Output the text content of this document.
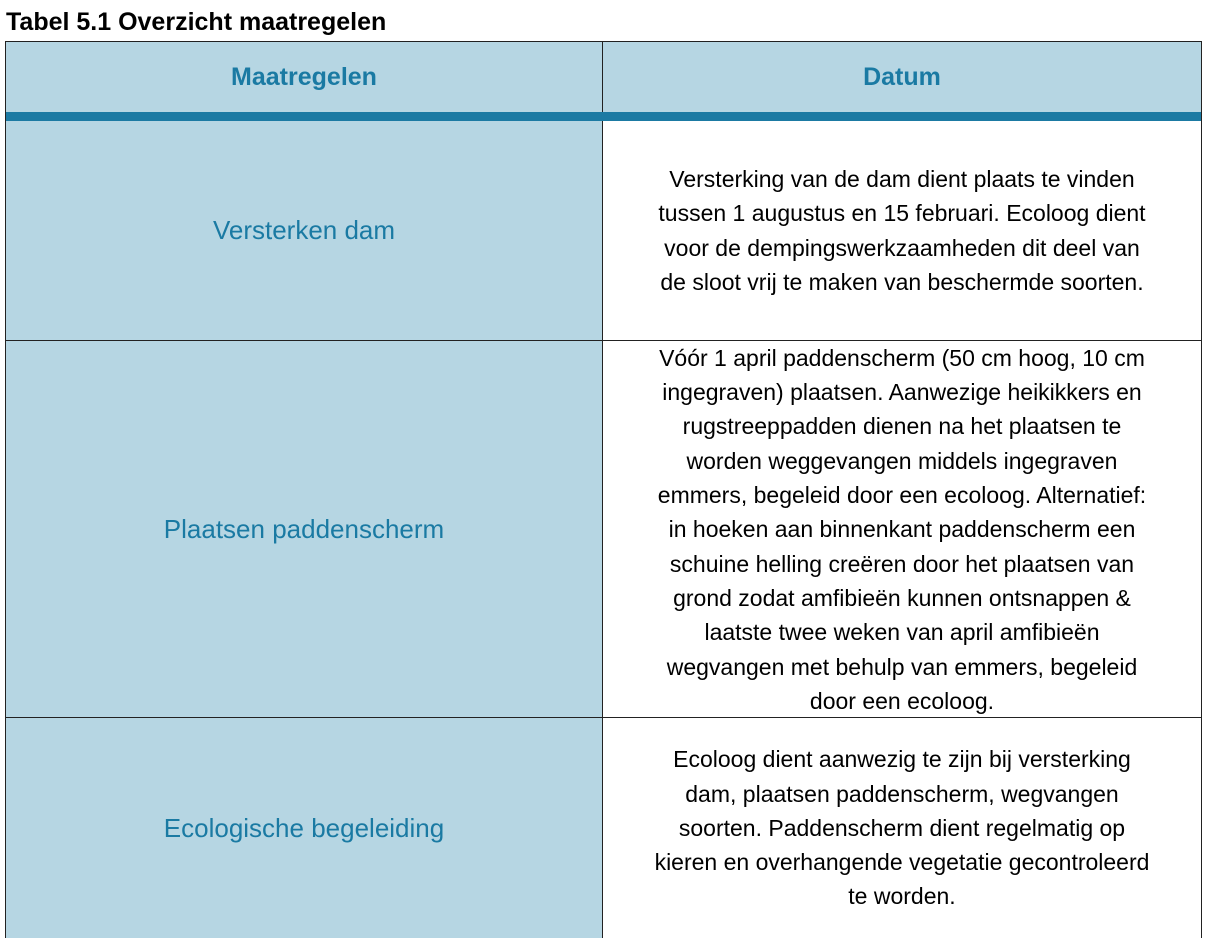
Tabel 5.1 Overzicht maatregelen
Maatregelen	Datum
Versterken dam
Versterking van de dam dient plaats te vinden
tussen 1 augustus en 15 februari. Ecoloog dient
voor de dempingswerkzaamheden dit deel van
de sloot vrij te maken van beschermde soorten.
Plaatsen paddenscherm
Vóór 1 april paddenscherm (50 cm hoog, 10 cm
ingegraven) plaatsen. Aanwezige heikikkers en
rugstreeppadden dienen na het plaatsen te
worden weggevangen middels ingegraven
emmers, begeleid door een ecoloog. Alternatief:
in hoeken aan binnenkant paddenscherm een
schuine helling creëren door het plaatsen van
grond zodat amfibieën kunnen ontsnappen &
laatste twee weken van april amfibieën
wegvangen met behulp van emmers, begeleid
door een ecoloog.
Ecologische begeleiding
Ecoloog dient aanwezig te zijn bij versterking
dam, plaatsen paddenscherm, wegvangen
soorten. Paddenscherm dient regelmatig op
kieren en overhangende vegetatie gecontroleerd
te worden.
